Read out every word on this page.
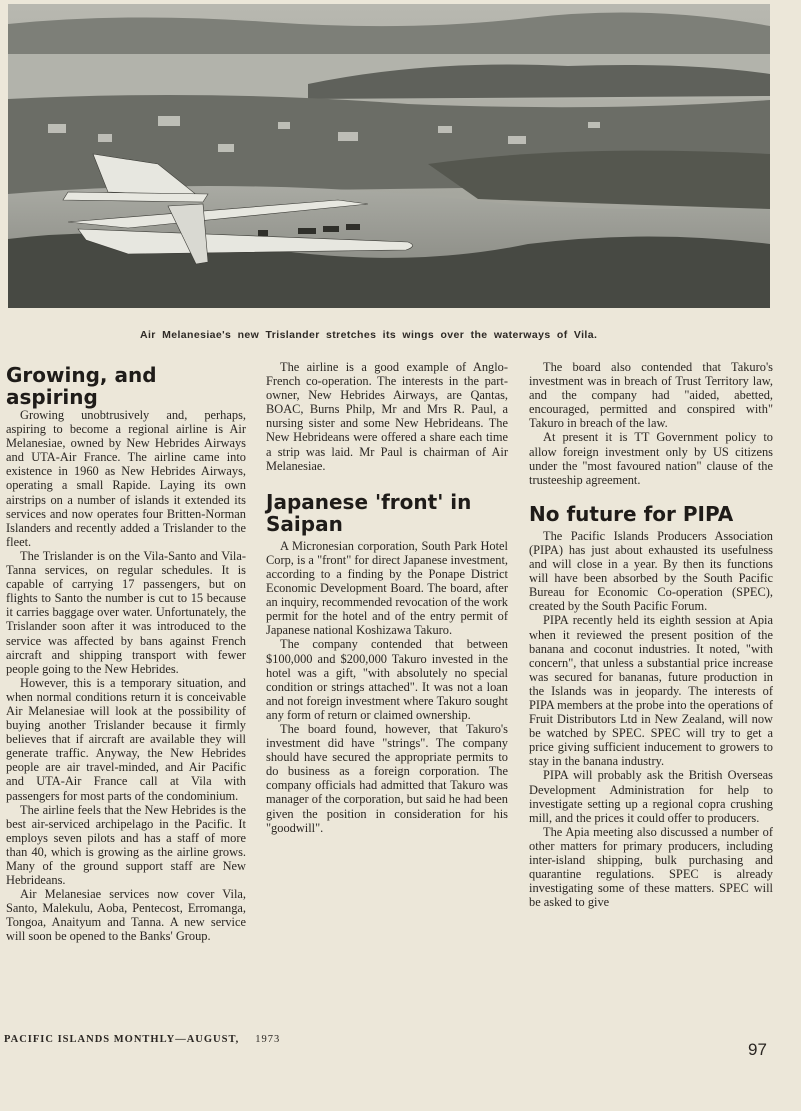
Air Melanesiae's new Trislander stretches its wings over the waterways of Vila.
Growing, and aspiring

Growing unobtrusively and, perhaps, aspiring to become a regional airline is Air Melanesiae, owned by New Hebrides Airways and UTA-Air France. The airline came into existence in 1960 as New Hebrides Airways, operating a small Rapide. Laying its own airstrips on a number of islands it extended its services and now operates four Britten-Norman Islanders and recently added a Trislander to the fleet.

The Trislander is on the Vila-Santo and Vila-Tanna services, on regular schedules. It is capable of carrying 17 passengers, but on flights to Santo the number is cut to 15 because it carries baggage over water. Unfortunately, the Trislander soon after it was introduced to the service was affected by bans against French aircraft and shipping transport with fewer people going to the New Hebrides.

However, this is a temporary situation, and when normal conditions return it is conceivable Air Melanesiae will look at the possibility of buying another Trislander because it firmly believes that if aircraft are available they will generate traffic. Anyway, the New Hebrides people are air travel-minded, and Air Pacific and UTA-Air France call at Vila with passengers for most parts of the condominium.

The airline feels that the New Hebrides is the best air-serviced archipelago in the Pacific. It employs seven pilots and has a staff of more than 40, which is growing as the airline grows. Many of the ground support staff are New Hebrideans.

Air Melanesiae services now cover Vila, Santo, Malekulu, Aoba, Pentecost, Erromanga, Tongoa, Anaityum and Tanna. A new service will soon be opened to the Banks' Group.

The airline is a good example of Anglo-French co-operation. The interests in the part-owner, New Hebrides Airways, are Qantas, BOAC, Burns Philp, Mr and Mrs R. Paul, a nursing sister and some New Hebrideans. The New Hebrideans were offered a share each time a strip was laid. Mr Paul is chairman of Air Melanesiae.

Japanese 'front' in Saipan

A Micronesian corporation, South Park Hotel Corp, is a "front" for direct Japanese investment, according to a finding by the Ponape District Economic Development Board. The board, after an inquiry, recommended revocation of the work permit for the hotel and of the entry permit of Japanese national Koshizawa Takuro.

The company contended that between $100,000 and $200,000 Takuro invested in the hotel was a gift, "with absolutely no special condition or strings attached". It was not a loan and not foreign investment where Takuro sought any form of return or claimed ownership.

The board found, however, that Takuro's investment did have "strings". The company should have secured the appropriate permits to do business as a foreign corporation. The company officials had admitted that Takuro was manager of the corporation, but said he had been given the position in consideration for his "goodwill".

The board also contended that Takuro's investment was in breach of Trust Territory law, and the company had "aided, abetted, encouraged, permitted and conspired with" Takuro in breach of the law.

At present it is TT Government policy to allow foreign investment only by US citizens under the "most favoured nation" clause of the trusteeship agreement.

No future for PIPA

The Pacific Islands Producers Association (PIPA) has just about exhausted its usefulness and will close in a year. By then its functions will have been absorbed by the South Pacific Bureau for Economic Co-operation (SPEC), created by the South Pacific Forum.

PIPA recently held its eighth session at Apia when it reviewed the present position of the banana and coconut industries. It noted, "with concern", that unless a substantial price increase was secured for bananas, future production in the Islands was in jeopardy. The interests of PIPA members at the probe into the operations of Fruit Distributors Ltd in New Zealand, will now be watched by SPEC. SPEC will try to get a price giving sufficient inducement to growers to stay in the banana industry.

PIPA will probably ask the British Overseas Development Administration for help to investigate setting up a regional copra crushing mill, and the prices it could offer to producers.

The Apia meeting also discussed a number of other matters for primary producers, including inter-island shipping, bulk purchasing and quarantine regulations. SPEC is already investigating some of these matters. SPEC will be asked to give

PACIFIC ISLANDS MONTHLY—AUGUST, 1973
97
